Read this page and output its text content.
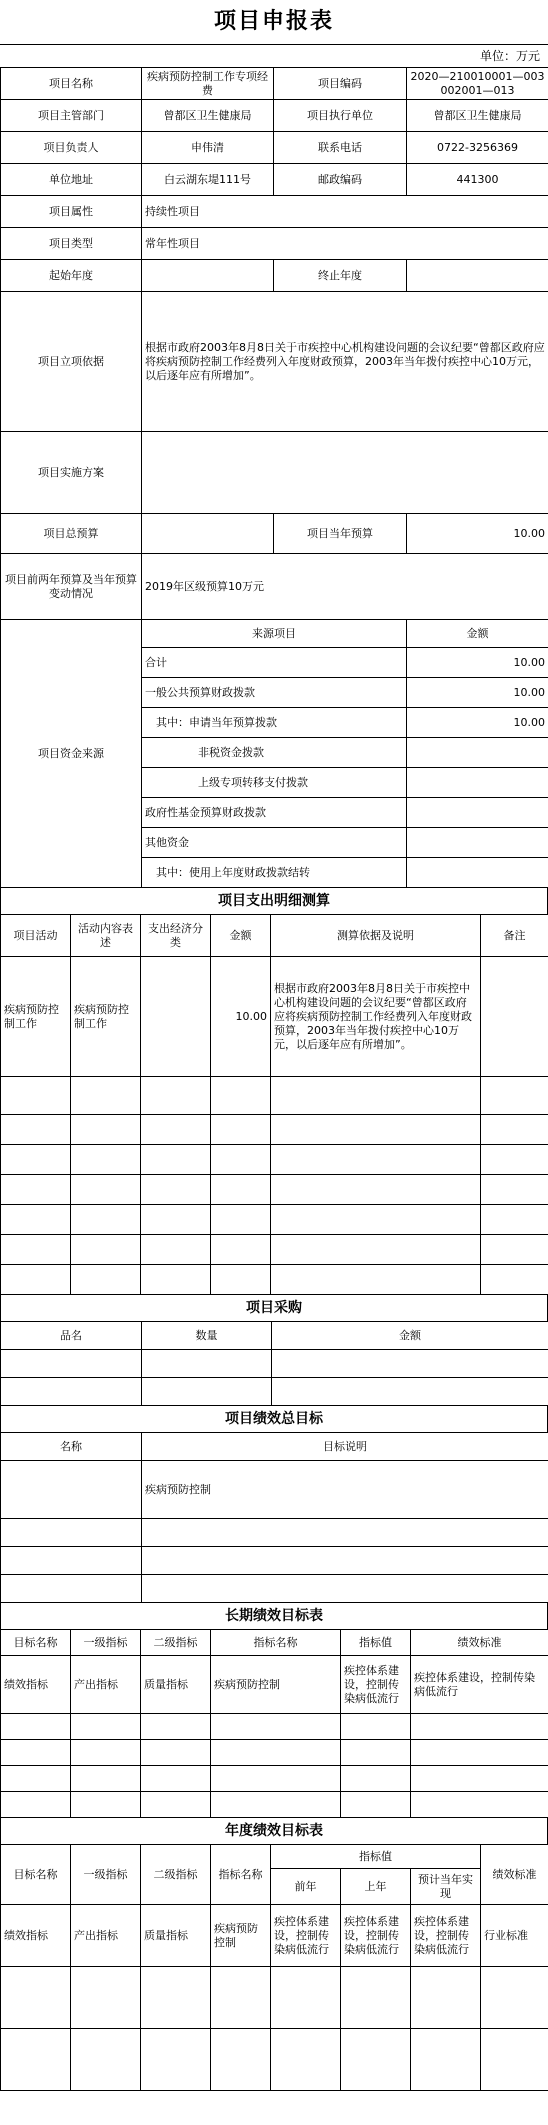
项目申报表
单位：万元
项目名称	疾病预防控制工作专项经费	项目编码	2020—210010001—003002001—013
项目主管部门	曾都区卫生健康局	项目执行单位	曾都区卫生健康局
项目负责人	申伟清	联系电话	0722-3256369
单位地址	白云湖东堤111号	邮政编码	441300
项目属性	持续性项目		
项目类型	常年性项目		
起始年度		终止年度	
项目立项依据	根据市政府2003年8月8日关于市疾控中心机构建设问题的会议纪要“曾都区政府应将疾病预防控制工作经费列入年度财政预算，2003年当年拨付疾控中心10万元，以后逐年应有所增加”。		
项目实施方案			
项目总预算		项目当年预算	10.00
项目前两年预算及当年预算变动情况	2019年区级预算10万元		
项目资金来源	来源项目	金额
	合计	10.00
	一般公共预算财政拨款	10.00
	其中：申请当年预算拨款	10.00
	非税资金拨款	
	上级专项转移支付拨款	
	政府性基金预算财政拨款	
	其他资金	
	其中：使用上年度财政拨款结转	
项目支出明细测算
项目活动	活动内容表述	支出经济分类	金额	测算依据及说明	备注
疾病预防控制工作	疾病预防控制工作		10.00	根据市政府2003年8月8日关于市疾控中心机构建设问题的会议纪要“曾都区政府应将疾病预防控制工作经费列入年度财政预算，2003年当年拨付疾控中心10万元，以后逐年应有所增加”。	

项目采购
品名	数量	金额

项目绩效总目标
名称	目标说明
	疾病预防控制

长期绩效目标表
目标名称	一级指标	二级指标	指标名称	指标值	绩效标准
绩效指标	产出指标	质量指标	疾病预防控制	疾控体系建设，控制传染病低流行	疾控体系建设，控制传染病低流行

年度绩效目标表
目标名称	一级指标	二级指标	指标名称	指标值			绩效标准
				前年	上年	预计当年实现	
绩效指标	产出指标	质量指标	疾病预防控制	疾控体系建设，控制传染病低流行	疾控体系建设，控制传染病低流行	疾控体系建设，控制传染病低流行	行业标准
